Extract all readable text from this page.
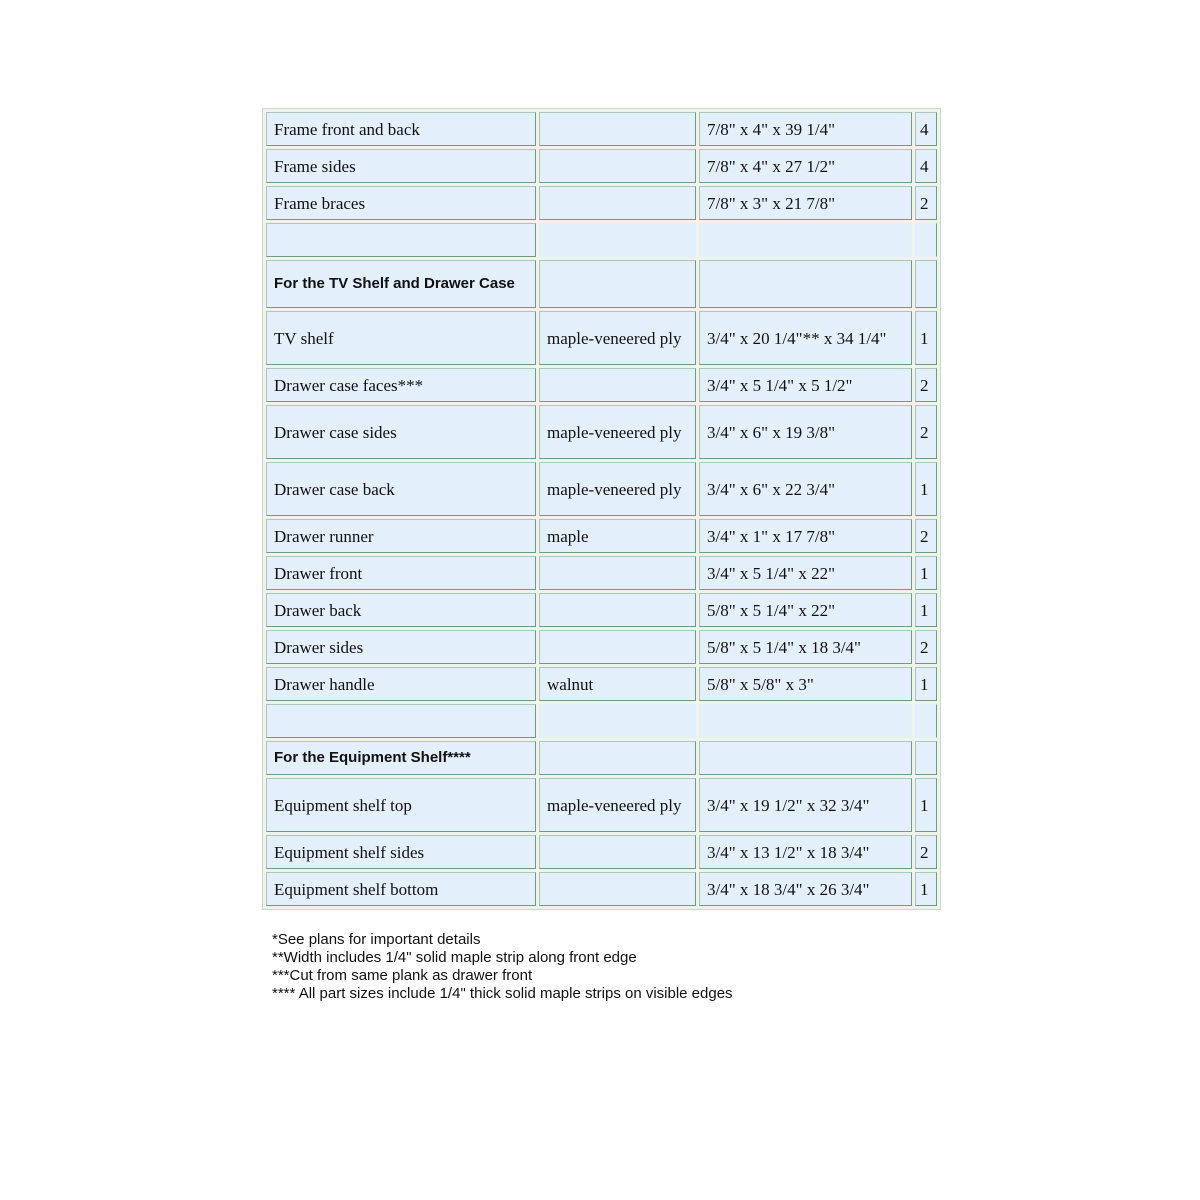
Frame front and back		7/8" x 4" x 39 1/4"	4
Frame sides		7/8" x 4" x 27 1/2"	4
Frame braces		7/8" x 3" x 21 7/8"	2

For the TV Shelf and Drawer Case			
TV shelf	maple-veneered ply	3/4" x 20 1/4"** x 34 1/4"	1
Drawer case faces***		3/4" x 5 1/4" x 5 1/2"	2
Drawer case sides	maple-veneered ply	3/4" x 6" x 19 3/8"	2
Drawer case back	maple-veneered ply	3/4" x 6" x 22 3/4"	1
Drawer runner	maple	3/4" x 1" x 17 7/8"	2
Drawer front		3/4" x 5 1/4" x 22"	1
Drawer back		5/8" x 5 1/4" x 22"	1
Drawer sides		5/8" x 5 1/4" x 18 3/4"	2
Drawer handle	walnut	5/8" x 5/8" x 3"	1

For the Equipment Shelf****			
Equipment shelf top	maple-veneered ply	3/4" x 19 1/2" x 32 3/4"	1
Equipment shelf sides		3/4" x 13 1/2" x 18 3/4"	2
Equipment shelf bottom		3/4" x 18 3/4" x 26 3/4"	1
*See plans for important details
**Width includes 1/4" solid maple strip along front edge
***Cut from same plank as drawer front
**** All part sizes include 1/4" thick solid maple strips on visible edges
